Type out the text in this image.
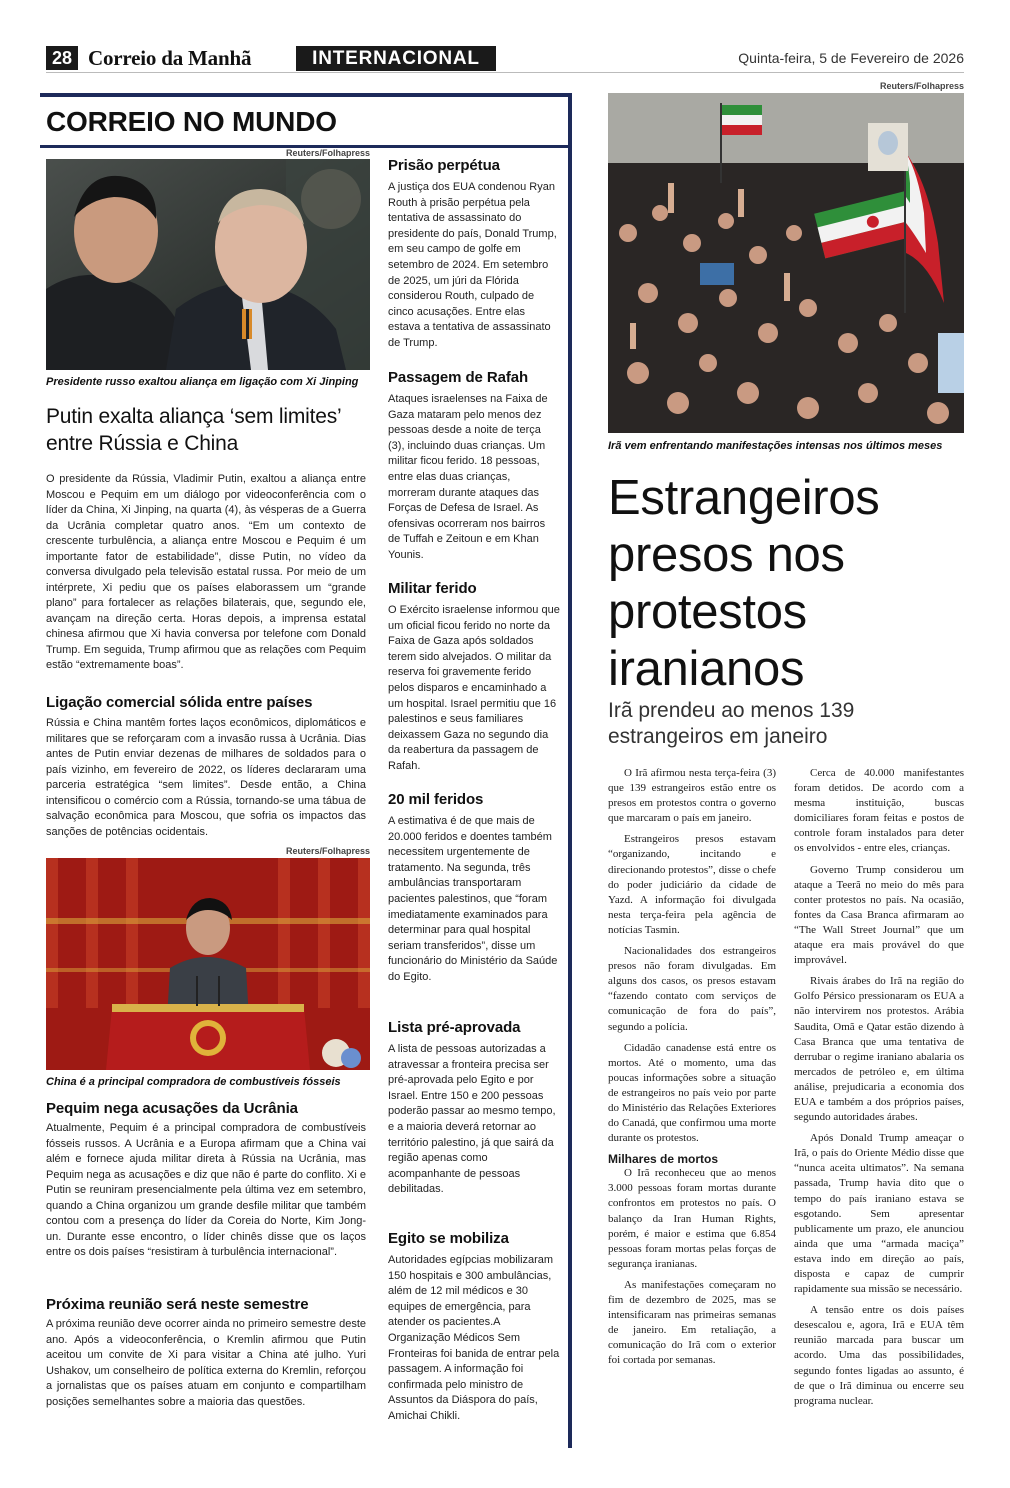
28 Correio da Manhã	INTERNACIONAL	Quinta-feira, 5 de Fevereiro de 2026
CORREIO NO MUNDO
Reuters/Folhapress
Presidente russo exaltou aliança em ligação com Xi Jinping
Putin exalta aliança ‘sem limites’ entre Rússia e China
O presidente da Rússia, Vladimir Putin, exaltou a aliança entre Moscou e Pequim em um diálogo por videoconferência com o líder da China, Xi Jinping, na quarta (4), às vésperas de a Guerra da Ucrânia completar quatro anos. “Em um contexto de crescente turbulência, a aliança entre Moscou e Pequim é um importante fator de estabilidade”, disse Putin, no vídeo da conversa divulgado pela televisão estatal russa. Por meio de um intérprete, Xi pediu que os países elaborassem um “grande plano” para fortalecer as relações bilaterais, que, segundo ele, avançam na direção certa. Horas depois, a imprensa estatal chinesa afirmou que Xi havia conversa por telefone com Donald Trump. Em seguida, Trump afirmou que as relações com Pequim estão “extremamente boas”.
Ligação comercial sólida entre países
Rússia e China mantêm fortes laços econômicos, diplomáticos e militares que se reforçaram com a invasão russa à Ucrânia. Dias antes de Putin enviar dezenas de milhares de soldados para o país vizinho, em fevereiro de 2022, os líderes declararam uma parceria estratégica “sem limites”. Desde então, a China intensificou o comércio com a Rússia, tornando-se uma tábua de salvação econômica para Moscou, que sofria os impactos das sanções de potências ocidentais.
Reuters/Folhapress
China é a principal compradora de combustíveis fósseis
Pequim nega acusações da Ucrânia
Atualmente, Pequim é a principal compradora de combustíveis fósseis russos. A Ucrânia e a Europa afirmam que a China vai além e fornece ajuda militar direta à Rússia na Ucrânia, mas Pequim nega as acusações e diz que não é parte do conflito. Xi e Putin se reuniram presencialmente pela última vez em setembro, quando a China organizou um grande desfile militar que também contou com a presença do líder da Coreia do Norte, Kim Jong-un. Durante esse encontro, o líder chinês disse que os laços entre os dois países “resistiram à turbulência internacional”.
Próxima reunião será neste semestre
A próxima reunião deve ocorrer ainda no primeiro semestre deste ano. Após a videoconferência, o Kremlin afirmou que Putin aceitou um convite de Xi para visitar a China até julho. Yuri Ushakov, um conselheiro de política externa do Kremlin, reforçou a jornalistas que os países atuam em conjunto e compartilham posições semelhantes sobre a maioria das questões.
Prisão perpétua
A justiça dos EUA condenou Ryan Routh à prisão perpétua pela tentativa de assassinato do presidente do país, Donald Trump, em seu campo de golfe em setembro de 2024. Em setembro de 2025, um júri da Flórida considerou Routh, culpado de cinco acusações. Entre elas estava a tentativa de assassinato de Trump.
Passagem de Rafah
Ataques israelenses na Faixa de Gaza mataram pelo menos dez pessoas desde a noite de terça (3), incluindo duas crianças. Um militar ficou ferido. 18 pessoas, entre elas duas crianças, morreram durante ataques das Forças de Defesa de Israel. As ofensivas ocorreram nos bairros de Tuffah e Zeitoun e em Khan Younis.
Militar ferido
O Exército israelense informou que um oficial ficou ferido no norte da Faixa de Gaza após soldados terem sido alvejados. O militar da reserva foi gravemente ferido pelos disparos e encaminhado a um hospital. Israel permitiu que 16 palestinos e seus familiares deixassem Gaza no segundo dia da reabertura da passagem de Rafah.
20 mil feridos
A estimativa é de que mais de 20.000 feridos e doentes também necessitem urgentemente de tratamento. Na segunda, três ambulâncias transportaram pacientes palestinos, que “foram imediatamente examinados para determinar para qual hospital seriam transferidos”, disse um funcionário do Ministério da Saúde do Egito.
Lista pré-aprovada
A lista de pessoas autorizadas a atravessar a fronteira precisa ser pré-aprovada pelo Egito e por Israel. Entre 150 e 200 pessoas poderão passar ao mesmo tempo, e a maioria deverá retornar ao território palestino, já que sairá da região apenas como acompanhante de pessoas debilitadas.
Egito se mobiliza
Autoridades egípcias mobilizaram 150 hospitais e 300 ambulâncias, além de 12 mil médicos e 30 equipes de emergência, para atender os pacientes.A Organização Médicos Sem Fronteiras foi banida de entrar pela passagem. A informação foi confirmada pelo ministro de Assuntos da Diáspora do país, Amichai Chikli.
Reuters/Folhapress
Irã vem enfrentando manifestações intensas nos últimos meses
Estrangeiros presos nos protestos iranianos
Irã prendeu ao menos 139 estrangeiros em janeiro

O Irã afirmou nesta terça-feira (3) que 139 estrangeiros estão entre os presos em protestos contra o governo que marcaram o país em janeiro.

Estrangeiros presos estavam “organizando, incitando e direcionando protestos”, disse o chefe do poder judiciário da cidade de Yazd. A informação foi divulgada nesta terça-feira pela agência de notícias Tasmin.

Nacionalidades dos estrangeiros presos não foram divulgadas. Em alguns dos casos, os presos estavam “fazendo contato com serviços de comunicação de fora do país”, segundo a polícia.

Cidadão canadense está entre os mortos. Até o momento, uma das poucas informações sobre a situação de estrangeiros no país veio por parte do Ministério das Relações Exteriores do Canadá, que confirmou uma morte durante os protestos.

Milhares de mortos

O Irã reconheceu que ao menos 3.000 pessoas foram mortas durante confrontos em protestos no país. O balanço da Iran Human Rights, porém, é maior e estima que 6.854 pessoas foram mortas pelas forças de segurança iranianas.

As manifestações começaram no fim de dezembro de 2025, mas se intensificaram nas primeiras semanas de janeiro. Em retaliação, a comunicação do Irã com o exterior foi cortada por semanas.

Cerca de 40.000 manifestantes foram detidos. De acordo com a mesma instituição, buscas domiciliares foram feitas e postos de controle foram instalados para deter os envolvidos - entre eles, crianças.

Governo Trump considerou um ataque a Teerã no meio do mês para conter protestos no país. Na ocasião, fontes da Casa Branca afirmaram ao “The Wall Street Journal” que um ataque era mais provável do que improvável.

Rivais árabes do Irã na região do Golfo Pérsico pressionaram os EUA a não intervirem nos protestos. Arábia Saudita, Omã e Qatar estão dizendo à Casa Branca que uma tentativa de derrubar o regime iraniano abalaria os mercados de petróleo e, em última análise, prejudicaria a economia dos EUA e também a dos próprios países, segundo autoridades árabes.

Após Donald Trump ameaçar o Irã, o país do Oriente Médio disse que “nunca aceita ultimatos”. Na semana passada, Trump havia dito que o tempo do país iraniano estava se esgotando. Sem apresentar publicamente um prazo, ele anunciou ainda que uma “armada maciça” estava indo em direção ao país, disposta e capaz de cumprir rapidamente sua missão se necessário.

A tensão entre os dois países desescalou e, agora, Irã e EUA têm reunião marcada para buscar um acordo. Uma das possibilidades, segundo fontes ligadas ao assunto, é de que o Irã diminua ou encerre seu programa nuclear.
